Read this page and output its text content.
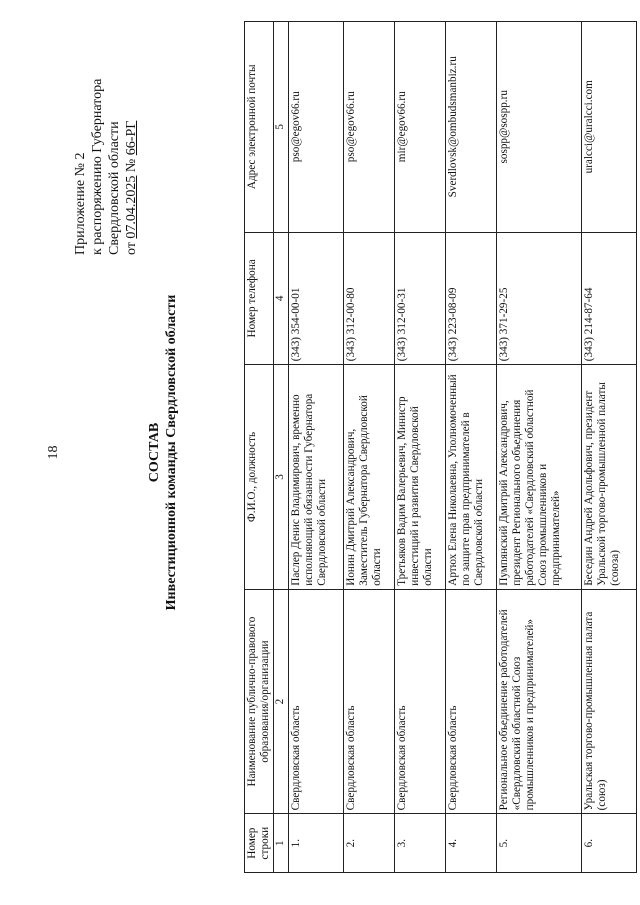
18
Приложение № 2 к распоряжению Губернатора Свердловской области от 07.04.2025 № 66-РГ
СОСТАВ Инвестиционной команды Свердловской области
Номер строки	Наименование публично-правового образования/организации	Ф.И.О., должность	Номер телефона	Адрес электронной почты
1	2	3	4	5
1.	Свердловская область	Паслер Денис Владимирович, временно исполняющий обязанности Губернатора Свердловской области	(343) 354-00-01	pso@egov66.ru
2.	Свердловская область	Ионин Дмитрий Александрович, Заместитель Губернатора Свердловской области	(343) 312-00-80	pso@egov66.ru
3.	Свердловская область	Третьяков Вадим Валерьевич, Министр инвестиций и развития Свердловской области	(343) 312-00-31	mir@egov66.ru
4.	Свердловская область	Артюх Елена Николаевна, Уполномоченный по защите прав предпринимателей в Свердловской области	(343) 223-08-09	Sverdlovsk@ombudsmanbiz.ru
5.	Региональное объединение работодателей «Свердловский областной Союз промышленников и предпринимателей»	Пумпянский Дмитрий Александрович, президент Регионального объединения работодателей «Свердловский областной Союз промышленников и предпринимателей»	(343) 371-29-25	sospp@sospp.ru
6.	Уральская торгово-промышленная палата (союз)	Беседин Андрей Адольфович, президент Уральской торгово-промышленной палаты (союза)	(343) 214-87-64	uralcci@uralcci.com
